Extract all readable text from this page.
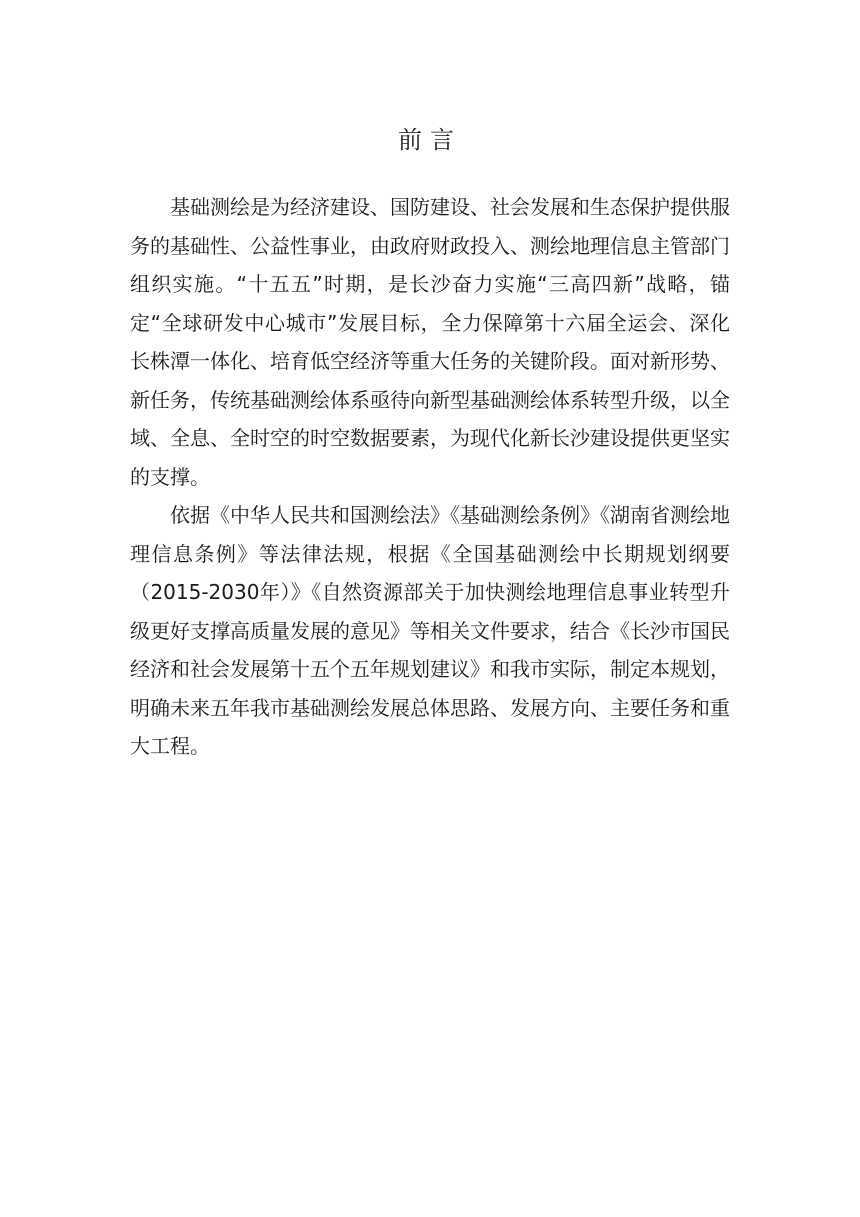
前言

基础测绘是为经济建设、国防建设、社会发展和生态保护提供服务的基础性、公益性事业，由政府财政投入、测绘地理信息主管部门组织实施。“十五五”时期，是长沙奋力实施“三高四新”战略，锚定“全球研发中心城市”发展目标，全力保障第十六届全运会、深化长株潭一体化、培育低空经济等重大任务的关键阶段。面对新形势、新任务，传统基础测绘体系亟待向新型基础测绘体系转型升级，以全域、全息、全时空的时空数据要素，为现代化新长沙建设提供更坚实的支撑。

依据《中华人民共和国测绘法》《基础测绘条例》《湖南省测绘地理信息条例》等法律法规，根据《全国基础测绘中长期规划纲要（2015-2030年）》《自然资源部关于加快测绘地理信息事业转型升级更好支撑高质量发展的意见》等相关文件要求，结合《长沙市国民经济和社会发展第十五个五年规划建议》和我市实际，制定本规划，明确未来五年我市基础测绘发展总体思路、发展方向、主要任务和重大工程。
